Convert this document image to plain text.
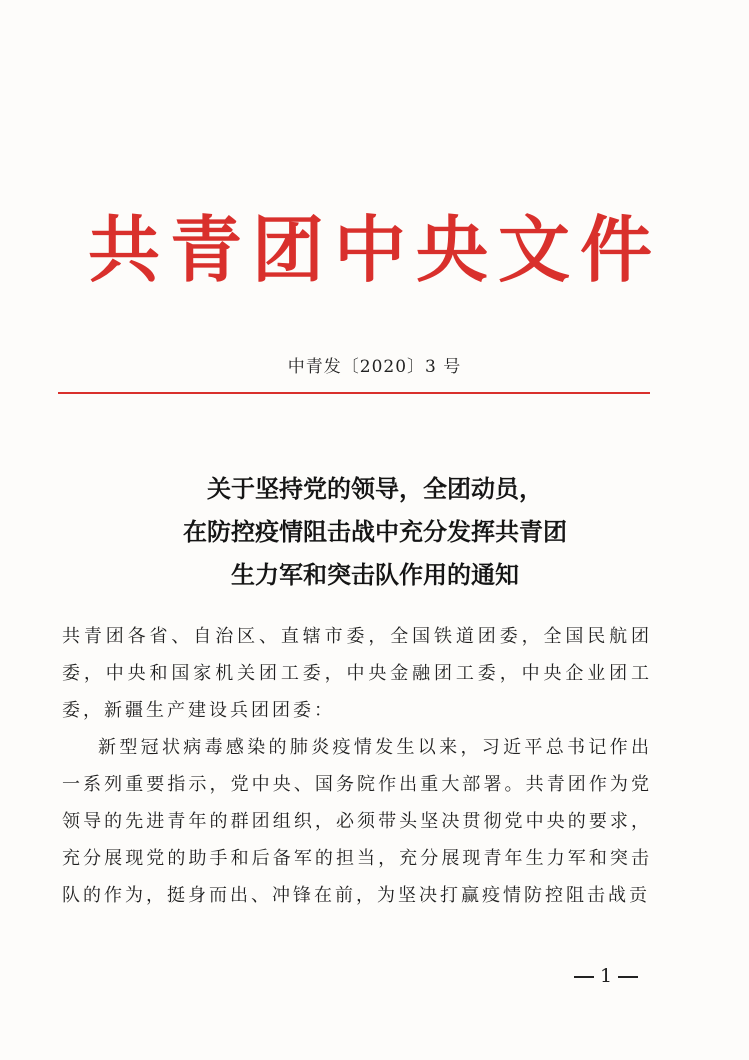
共青团中央文件
中青发〔2020〕3 号
关于坚持党的领导，全团动员，
在防控疫情阻击战中充分发挥共青团
生力军和突击队作用的通知

共青团各省、自治区、直辖市委，全国铁道团委，全国民航团委，中央和国家机关团工委，中央金融团工委，中央企业团工委，新疆生产建设兵团团委：

新型冠状病毒感染的肺炎疫情发生以来，习近平总书记作出一系列重要指示，党中央、国务院作出重大部署。共青团作为党领导的先进青年的群团组织，必须带头坚决贯彻党中央的要求，充分展现党的助手和后备军的担当，充分展现青年生力军和突击队的作为，挺身而出、冲锋在前，为坚决打赢疫情防控阻击战贡

1
